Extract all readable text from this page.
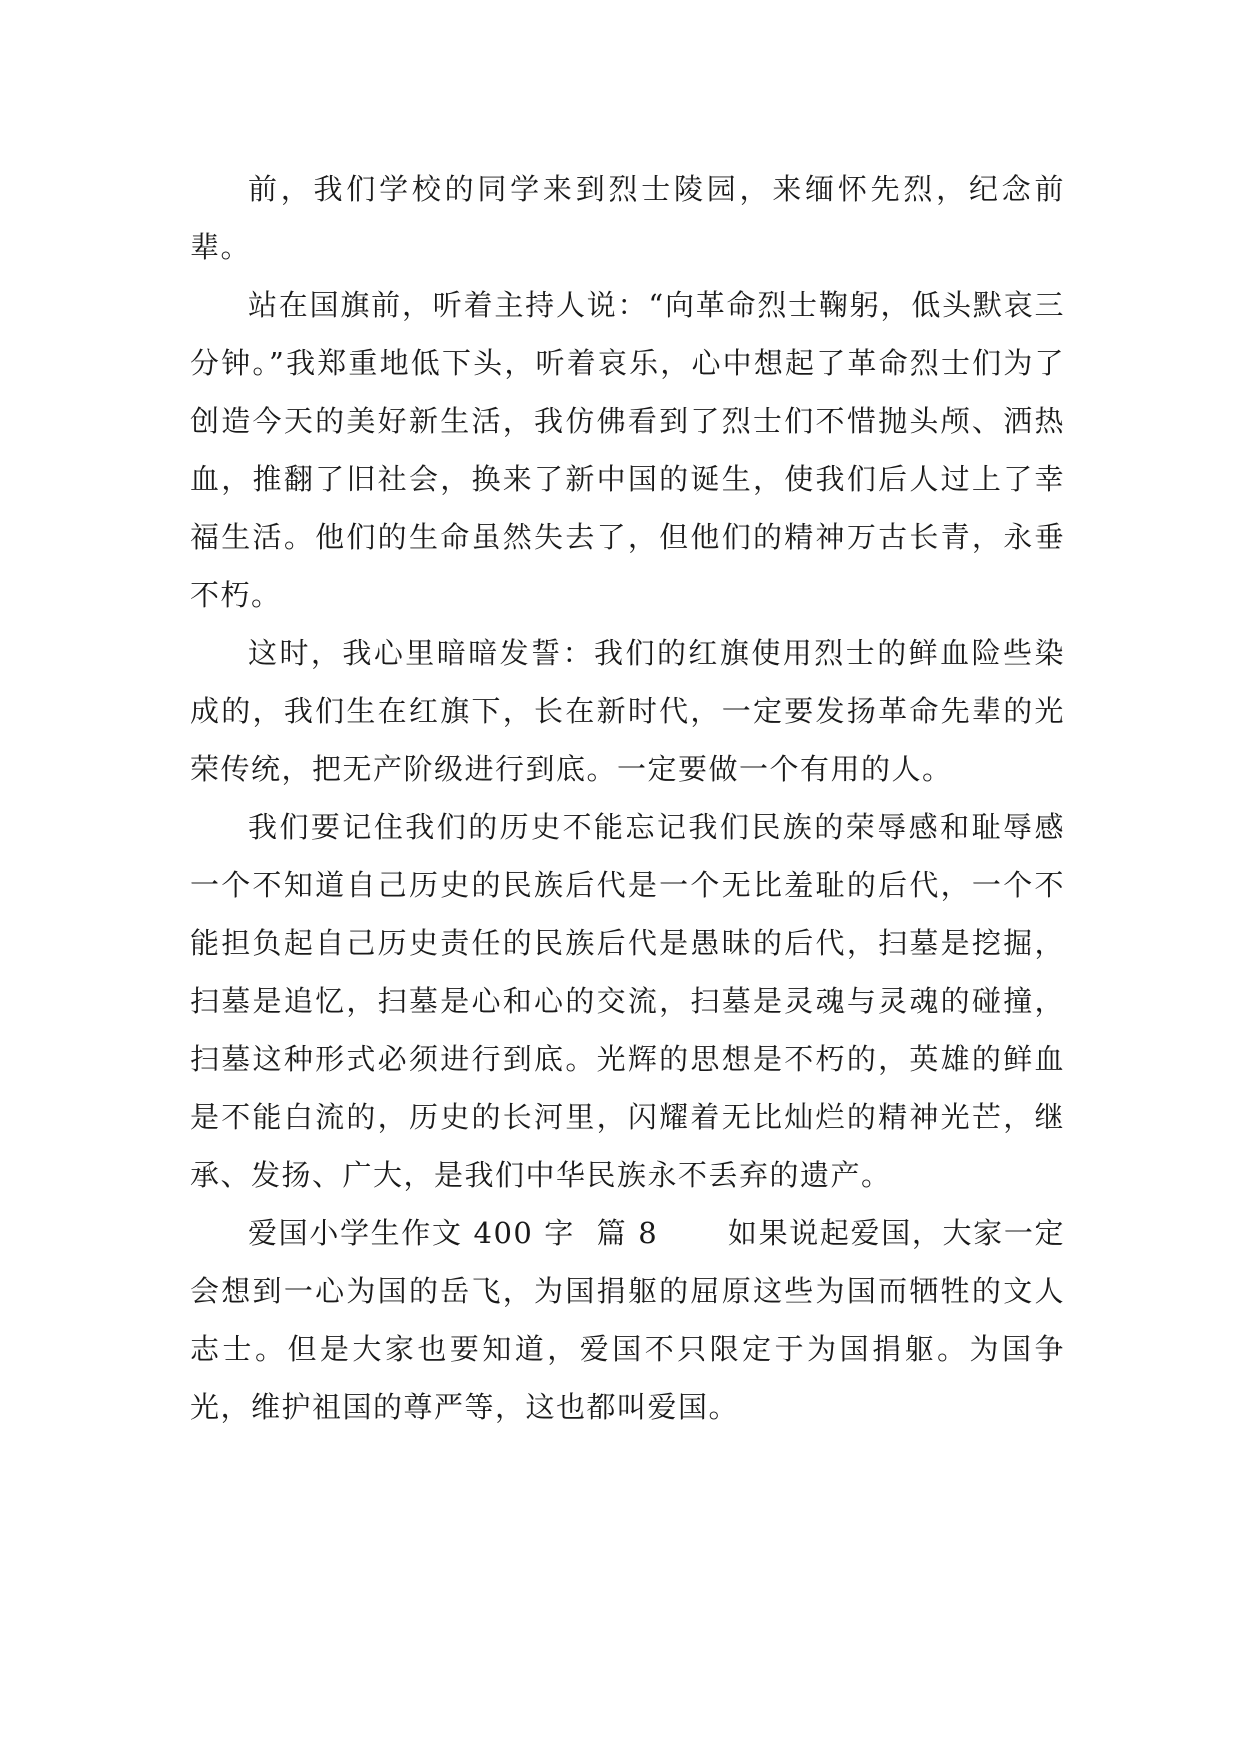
前，我们学校的同学来到烈士陵园，来缅怀先烈，纪念前辈。

站在国旗前，听着主持人说：“向革命烈士鞠躬，低头默哀三分钟。”我郑重地低下头，听着哀乐，心中想起了革命烈士们为了创造今天的美好新生活，我仿佛看到了烈士们不惜抛头颅、洒热血，推翻了旧社会，换来了新中国的诞生，使我们后人过上了幸福生活。他们的生命虽然失去了，但他们的精神万古长青，永垂不朽。

这时，我心里暗暗发誓：我们的红旗使用烈士的鲜血险些染成的，我们生在红旗下，长在新时代，一定要发扬革命先辈的光荣传统，把无产阶级进行到底。一定要做一个有用的人。

我们要记住我们的历史不能忘记我们民族的荣辱感和耻辱感一个不知道自己历史的民族后代是一个无比羞耻的后代，一个不能担负起自己历史责任的民族后代是愚昧的后代，扫墓是挖掘，扫墓是追忆，扫墓是心和心的交流，扫墓是灵魂与灵魂的碰撞，扫墓这种形式必须进行到底。光辉的思想是不朽的，英雄的鲜血是不能白流的，历史的长河里，闪耀着无比灿烂的精神光芒，继承、发扬、广大，是我们中华民族永不丢弃的遗产。

爱国小学生作文 400 字 篇 8 如果说起爱国，大家一定会想到一心为国的岳飞，为国捐躯的屈原这些为国而牺牲的文人志士。但是大家也要知道，爱国不只限定于为国捐躯。为国争光，维护祖国的尊严等，这也都叫爱国。
